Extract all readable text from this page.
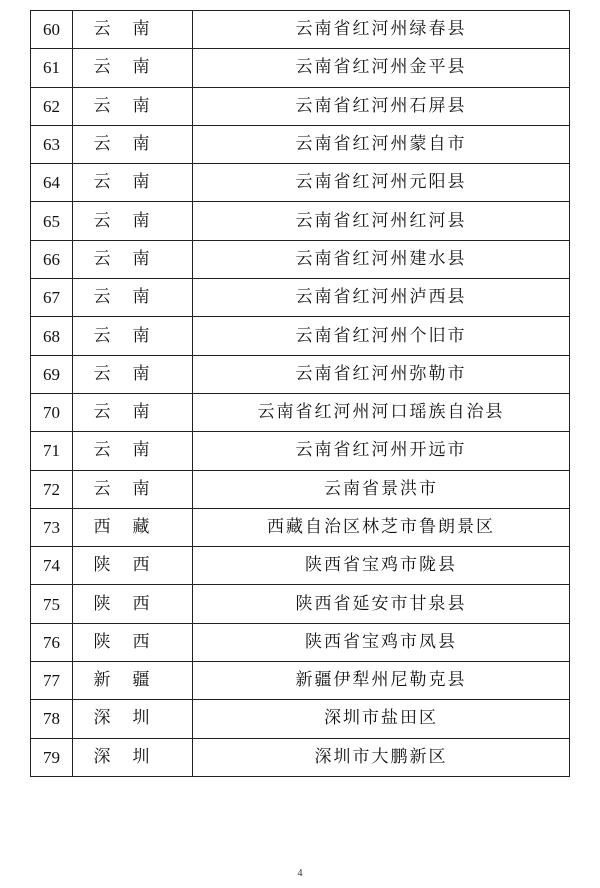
60	云南	云南省红河州绿春县
61	云南	云南省红河州金平县
62	云南	云南省红河州石屏县
63	云南	云南省红河州蒙自市
64	云南	云南省红河州元阳县
65	云南	云南省红河州红河县
66	云南	云南省红河州建水县
67	云南	云南省红河州泸西县
68	云南	云南省红河州个旧市
69	云南	云南省红河州弥勒市
70	云南	云南省红河州河口瑶族自治县
71	云南	云南省红河州开远市
72	云南	云南省景洪市
73	西藏	西藏自治区林芝市鲁朗景区
74	陕西	陕西省宝鸡市陇县
75	陕西	陕西省延安市甘泉县
76	陕西	陕西省宝鸡市凤县
77	新疆	新疆伊犁州尼勒克县
78	深圳	深圳市盐田区
79	深圳	深圳市大鹏新区
4
